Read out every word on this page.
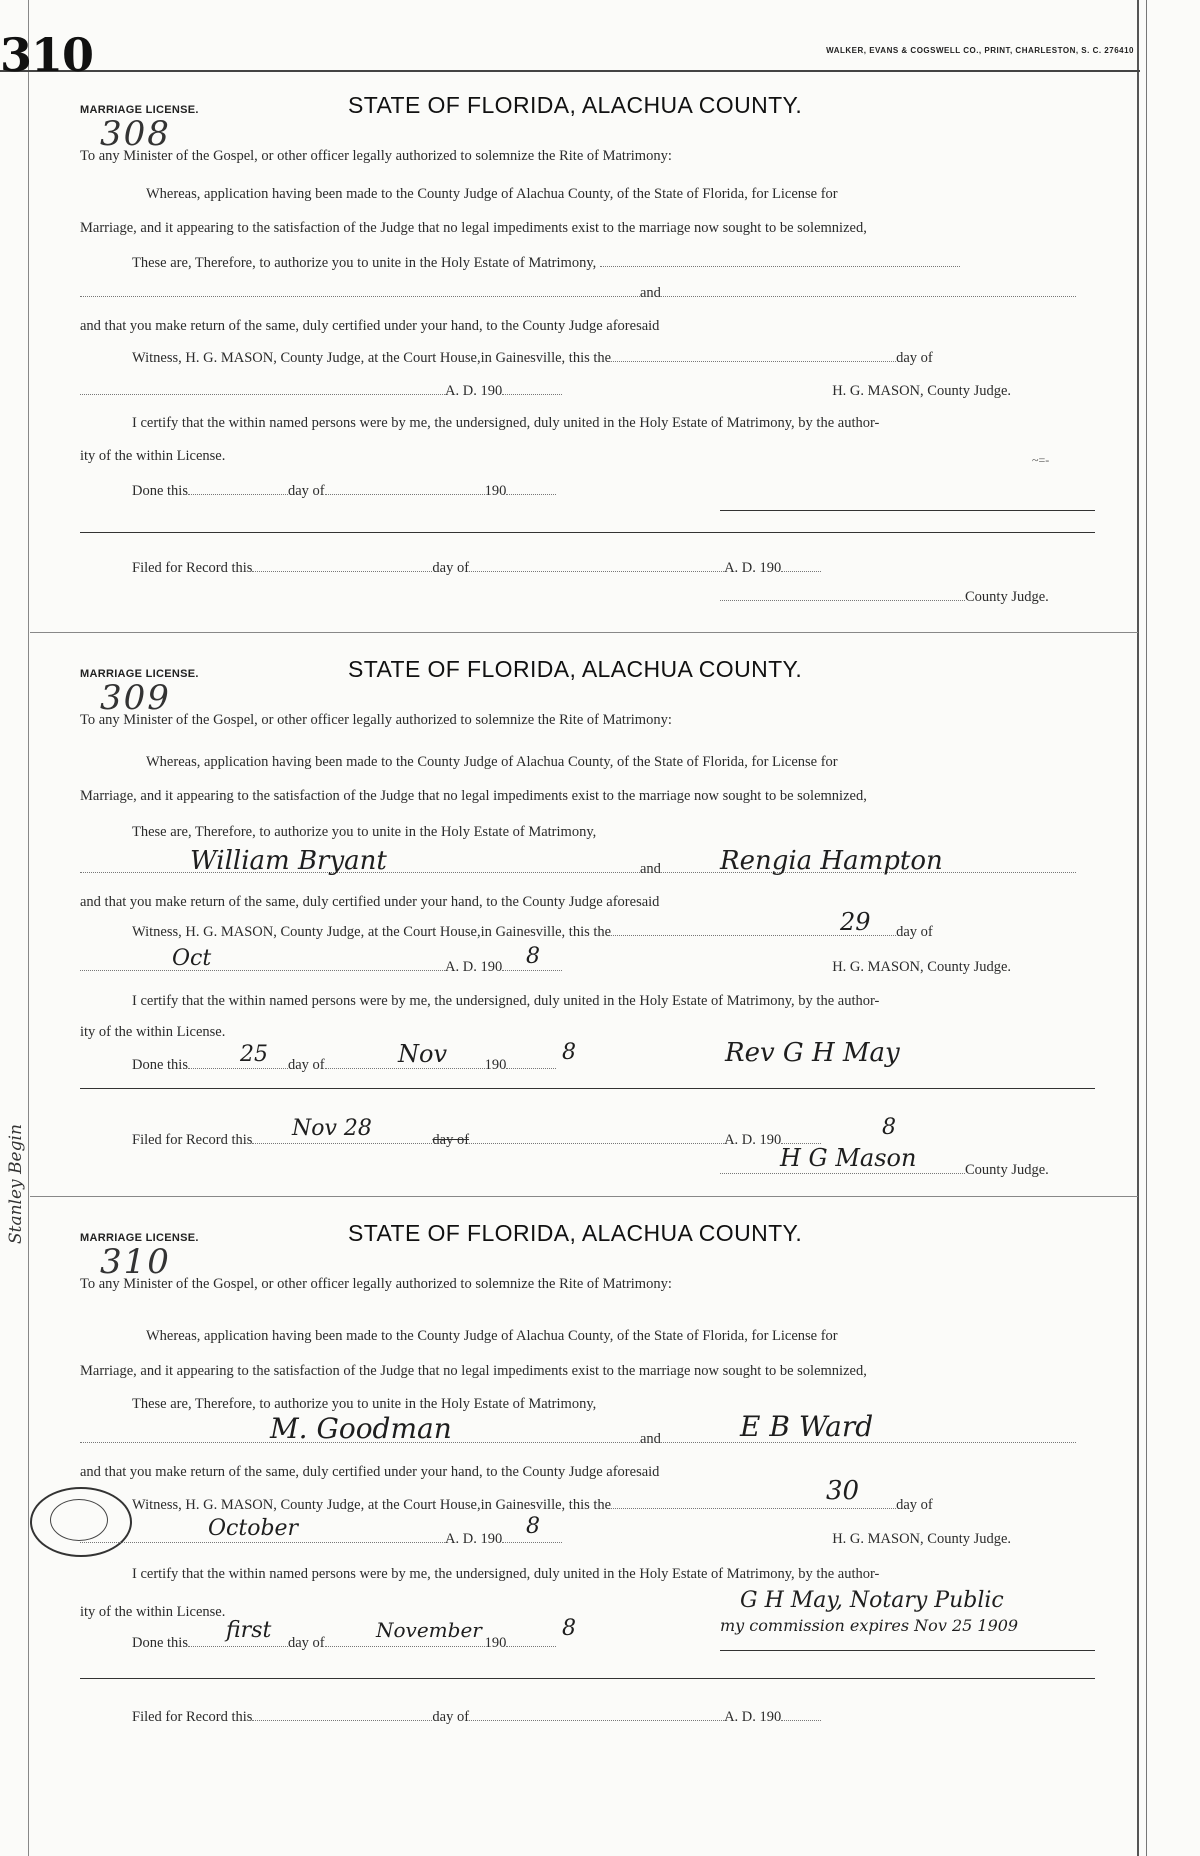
310	WALKER, EVANS & COGSWELL CO., PRINT, CHARLESTON, S. C. 276410
Stanley Begin
MARRIAGE LICENSE.
308
STATE OF FLORIDA, ALACHUA COUNTY.
To any Minister of the Gospel, or other officer legally authorized to solemnize the Rite of Matrimony:
Whereas, application having been made to the County Judge of Alachua County, of the State of Florida, for License for
Marriage, and it appearing to the satisfaction of the Judge that no legal impediments exist to the marriage now sought to be solemnized,
These are, Therefore, to authorize you to unite in the Holy Estate of Matrimony,
and
and that you make return of the same, duly certified under your hand, to the County Judge aforesaid
Witness, H. G. MASON, County Judge, at the Court House,in Gainesville, this the	day of
A. D. 190	H. G. MASON, County Judge.
I certify that the within named persons were by me, the undersigned, duly united in the Holy Estate of Matrimony, by the author-
ity of the within License.	~=-
Done this	day of	190
Filed for Record this	day of	A. D. 190
County Judge.
MARRIAGE LICENSE.
309
STATE OF FLORIDA, ALACHUA COUNTY.
To any Minister of the Gospel, or other officer legally authorized to solemnize the Rite of Matrimony:
Whereas, application having been made to the County Judge of Alachua County, of the State of Florida, for License for
Marriage, and it appearing to the satisfaction of the Judge that no legal impediments exist to the marriage now sought to be solemnized,
These are, Therefore, to authorize you to unite in the Holy Estate of Matrimony,
and
William Bryant	Rengia Hampton
and that you make return of the same, duly certified under your hand, to the County Judge aforesaid
Witness, H. G. MASON, County Judge, at the Court House,in Gainesville, this the	day of
29
A. D. 190	H. G. MASON, County Judge.
Oct	8
I certify that the within named persons were by me, the undersigned, duly united in the Holy Estate of Matrimony, by the author-
ity of the within License.
Done this	day of	190
25	Nov	8	Rev G H May
Filed for Record this	day of	A. D. 190
Nov 28	8
County Judge.
H G Mason
MARRIAGE LICENSE.
310
STATE OF FLORIDA, ALACHUA COUNTY.
To any Minister of the Gospel, or other officer legally authorized to solemnize the Rite of Matrimony:
Whereas, application having been made to the County Judge of Alachua County, of the State of Florida, for License for
Marriage, and it appearing to the satisfaction of the Judge that no legal impediments exist to the marriage now sought to be solemnized,
These are, Therefore, to authorize you to unite in the Holy Estate of Matrimony,
and
M. Goodman	E B Ward
and that you make return of the same, duly certified under your hand, to the County Judge aforesaid
Witness, H. G. MASON, County Judge, at the Court House,in Gainesville, this the	day of
30
A. D. 190	H. G. MASON, County Judge.
October	8
I certify that the within named persons were by me, the undersigned, duly united in the Holy Estate of Matrimony, by the author-
G H May, Notary Public
my commission expires Nov 25 1909
ity of the within License.
Done this	day of	190
first	November	8
Filed for Record this	day of	A. D. 190
